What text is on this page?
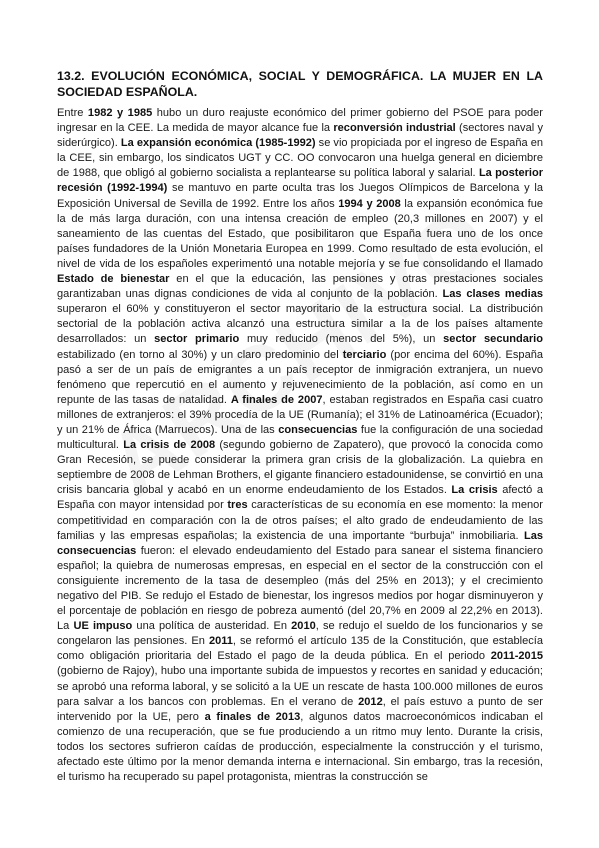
13.2. EVOLUCIÓN ECONÓMICA, SOCIAL Y DEMOGRÁFICA. LA MUJER EN LA SOCIEDAD ESPAÑOLA.

Entre 1982 y 1985 hubo un duro reajuste económico del primer gobierno del PSOE para poder ingresar en la CEE. La medida de mayor alcance fue la reconversión industrial (sectores naval y siderúrgico). La expansión económica (1985-1992) se vio propiciada por el ingreso de España en la CEE, sin embargo, los sindicatos UGT y CC. OO convocaron una huelga general en diciembre de 1988, que obligó al gobierno socialista a replantearse su política laboral y salarial. La posterior recesión (1992-1994) se mantuvo en parte oculta tras los Juegos Olímpicos de Barcelona y la Exposición Universal de Sevilla de 1992. Entre los años 1994 y 2008 la expansión económica fue la de más larga duración, con una intensa creación de empleo (20,3 millones en 2007) y el saneamiento de las cuentas del Estado, que posibilitaron que España fuera uno de los once países fundadores de la Unión Monetaria Europea en 1999. Como resultado de esta evolución, el nivel de vida de los españoles experimentó una notable mejoría y se fue consolidando el llamado Estado de bienestar en el que la educación, las pensiones y otras prestaciones sociales garantizaban unas dignas condiciones de vida al conjunto de la población. Las clases medias superaron el 60% y constituyeron el sector mayoritario de la estructura social. La distribución sectorial de la población activa alcanzó una estructura similar a la de los países altamente desarrollados: un sector primario muy reducido (menos del 5%), un sector secundario estabilizado (en torno al 30%) y un claro predominio del terciario (por encima del 60%). España pasó a ser de un país de emigrantes a un país receptor de inmigración extranjera, un nuevo fenómeno que repercutió en el aumento y rejuvenecimiento de la población, así como en un repunte de las tasas de natalidad. A finales de 2007, estaban registrados en España casi cuatro millones de extranjeros: el 39% procedía de la UE (Rumanía); el 31% de Latinoamérica (Ecuador); y un 21% de África (Marruecos). Una de las consecuencias fue la configuración de una sociedad multicultural. La crisis de 2008 (segundo gobierno de Zapatero), que provocó la conocida como Gran Recesión, se puede considerar la primera gran crisis de la globalización. La quiebra en septiembre de 2008 de Lehman Brothers, el gigante financiero estadounidense, se convirtió en una crisis bancaria global y acabó en un enorme endeudamiento de los Estados. La crisis afectó a España con mayor intensidad por tres características de su economía en ese momento: la menor competitividad en comparación con la de otros países; el alto grado de endeudamiento de las familias y las empresas españolas; la existencia de una importante “burbuja” inmobiliaria. Las consecuencias fueron: el elevado endeudamiento del Estado para sanear el sistema financiero español; la quiebra de numerosas empresas, en especial en el sector de la construcción con el consiguiente incremento de la tasa de desempleo (más del 25% en 2013); y el crecimiento negativo del PIB. Se redujo el Estado de bienestar, los ingresos medios por hogar disminuyeron y el porcentaje de población en riesgo de pobreza aumentó (del 20,7% en 2009 al 22,2% en 2013). La UE impuso una política de austeridad. En 2010, se redujo el sueldo de los funcionarios y se congelaron las pensiones. En 2011, se reformó el artículo 135 de la Constitución, que establecía como obligación prioritaria del Estado el pago de la deuda pública. En el periodo 2011-2015 (gobierno de Rajoy), hubo una importante subida de impuestos y recortes en sanidad y educación; se aprobó una reforma laboral, y se solicitó a la UE un rescate de hasta 100.000 millones de euros para salvar a los bancos con problemas. En el verano de 2012, el país estuvo a punto de ser intervenido por la UE, pero a finales de 2013, algunos datos macroeconómicos indicaban el comienzo de una recuperación, que se fue produciendo a un ritmo muy lento. Durante la crisis, todos los sectores sufrieron caídas de producción, especialmente la construcción y el turismo, afectado este último por la menor demanda interna e internacional. Sin embargo, tras la recesión, el turismo ha recuperado su papel protagonista, mientras la construcción se
